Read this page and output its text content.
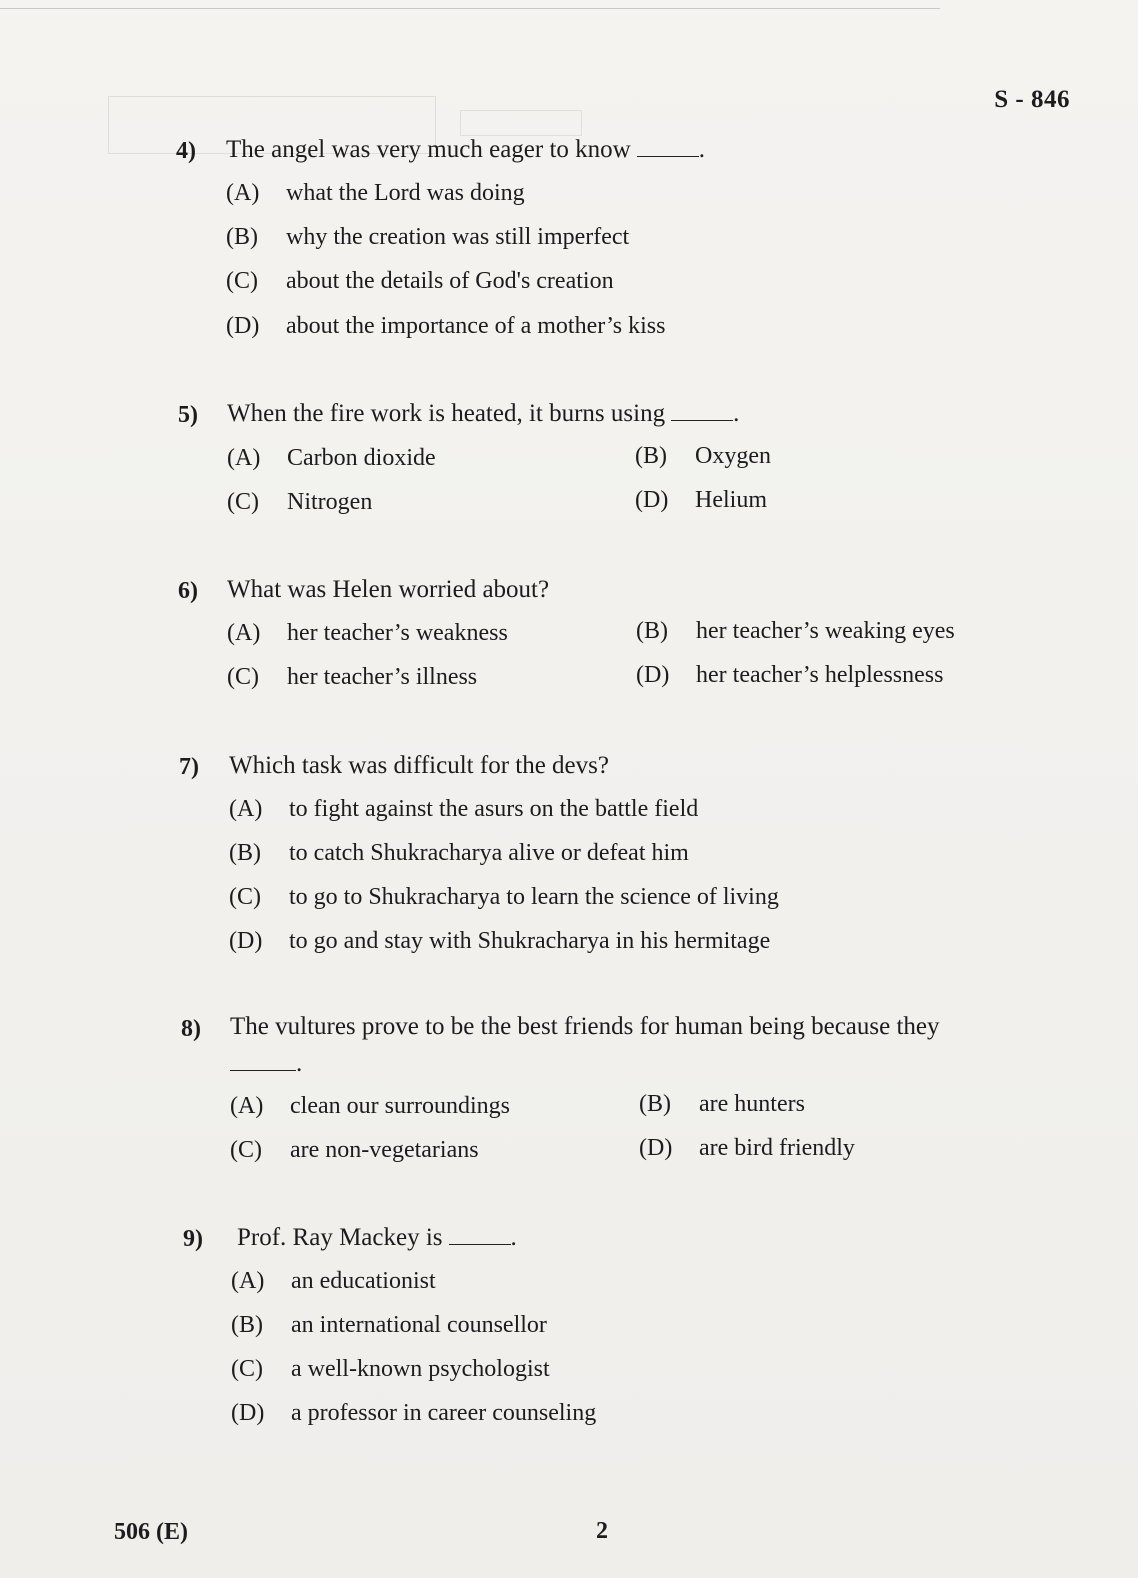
S - 846
4) The angel was very much eager to know	.
(A) what the Lord was doing
(B) why the creation was still imperfect
(C) about the details of God's creation
(D) about the importance of a mother’s kiss
5) When the fire work is heated, it burns using	.
(A) Carbon dioxide	(B) Oxygen
(C) Nitrogen	(D) Helium
6) What was Helen worried about?
(A) her teacher’s weakness	(B) her teacher’s weaking eyes
(C) her teacher’s illness	(D) her teacher’s helplessness
7) Which task was difficult for the devs?
(A) to fight against the asurs on the battle field
(B) to catch Shukracharya alive or defeat him
(C) to go to Shukracharya to learn the science of living
(D) to go and stay with Shukracharya in his hermitage
8) The vultures prove to be the best friends for human being because they
.
(A) clean our surroundings	(B) are hunters
(C) are non-vegetarians	(D) are bird friendly
9) Prof. Ray Mackey is	.
(A) an educationist
(B) an international counsellor
(C) a well-known psychologist
(D) a professor in career counseling
506 (E)	2
